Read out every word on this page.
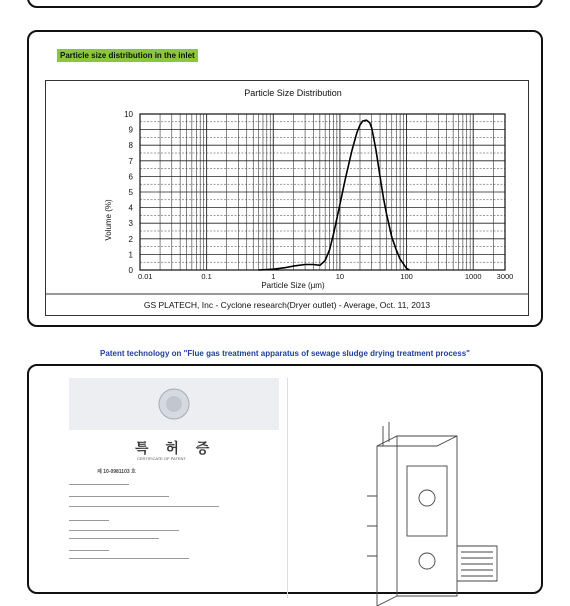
Particle size distribution in the inlet
Particle Size Distribution
0
1
2
3
4
5
6
7
8
9
10
0.01	0.1	1	10	100	1000 3000
Particle Size (µm)
Volume (%)
GS PLATECH, Inc - Cyclone research(Dryer outlet) - Average, Oct. 11, 2013
Patent technology on "Flue gas treatment apparatus of sewage sludge drying treatment process"
특 허 증
CERTIFICATE OF PATENT
제 10-0981103 호
